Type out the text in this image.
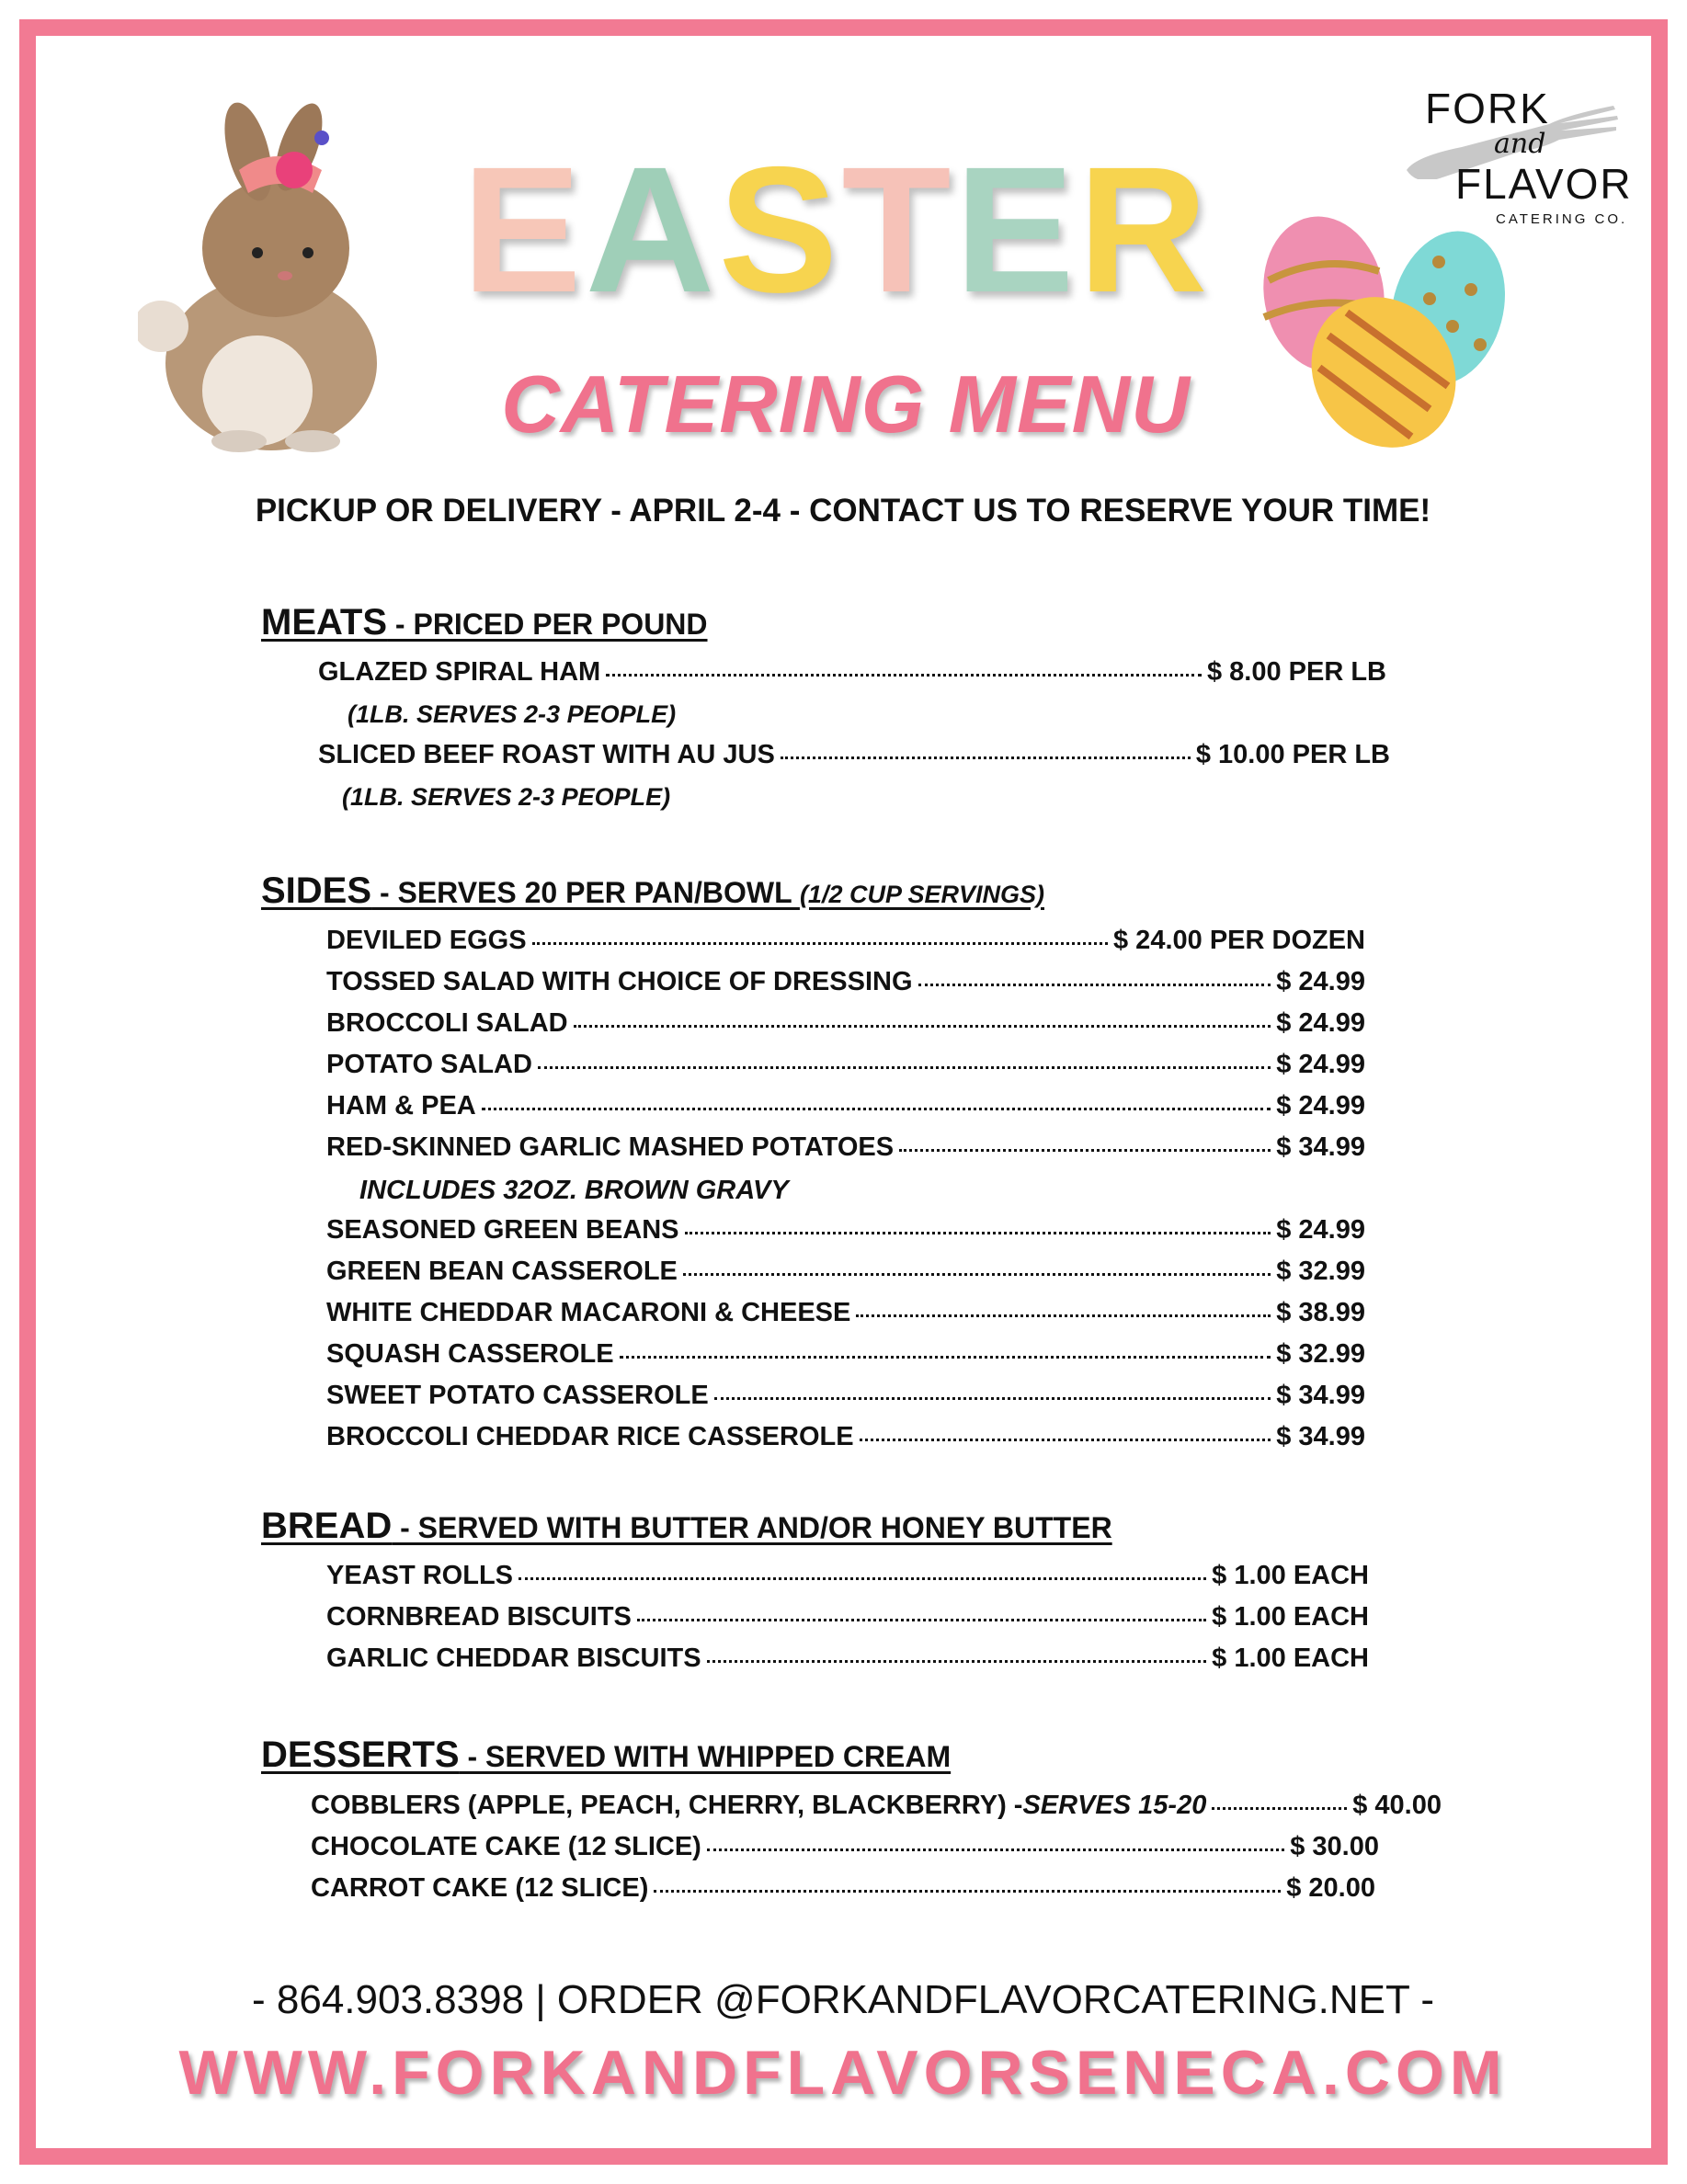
EASTER
CATERING MENU
FORK
and
FLAVOR
CATERING CO.
PICKUP OR DELIVERY - APRIL 2-4 - CONTACT US TO RESERVE YOUR TIME!
MEATS - PRICED PER POUND
GLAZED SPIRAL HAM	$ 8.00 PER LB
(1LB. SERVES 2-3 PEOPLE)
SLICED BEEF ROAST WITH AU JUS	$ 10.00 PER LB
(1LB. SERVES 2-3 PEOPLE)
SIDES - SERVES 20 PER PAN/BOWL (1/2 CUP SERVINGS)
DEVILED EGGS	$ 24.00 PER DOZEN
TOSSED SALAD WITH CHOICE OF DRESSING	$ 24.99
BROCCOLI SALAD	$ 24.99
POTATO SALAD	$ 24.99
HAM & PEA	$ 24.99
RED-SKINNED GARLIC MASHED POTATOES	$ 34.99
INCLUDES 32OZ. BROWN GRAVY
SEASONED GREEN BEANS	$ 24.99
GREEN BEAN CASSEROLE	$ 32.99
WHITE CHEDDAR MACARONI & CHEESE	$ 38.99
SQUASH CASSEROLE	$ 32.99
SWEET POTATO CASSEROLE	$ 34.99
BROCCOLI CHEDDAR RICE CASSEROLE	$ 34.99
BREAD - SERVED WITH BUTTER AND/OR HONEY BUTTER
YEAST ROLLS	$ 1.00 EACH
CORNBREAD BISCUITS	$ 1.00 EACH
GARLIC CHEDDAR BISCUITS	$ 1.00 EACH
DESSERTS - SERVED WITH WHIPPED CREAM
COBBLERS (APPLE, PEACH, CHERRY, BLACKBERRY) - SERVES 15-20	$ 40.00
CHOCOLATE CAKE (12 SLICE)	$ 30.00
CARROT CAKE (12 SLICE)	$ 20.00
- 864.903.8398 | ORDER @FORKANDFLAVORCATERING.NET -
WWW.FORKANDFLAVORSENECA.COM
